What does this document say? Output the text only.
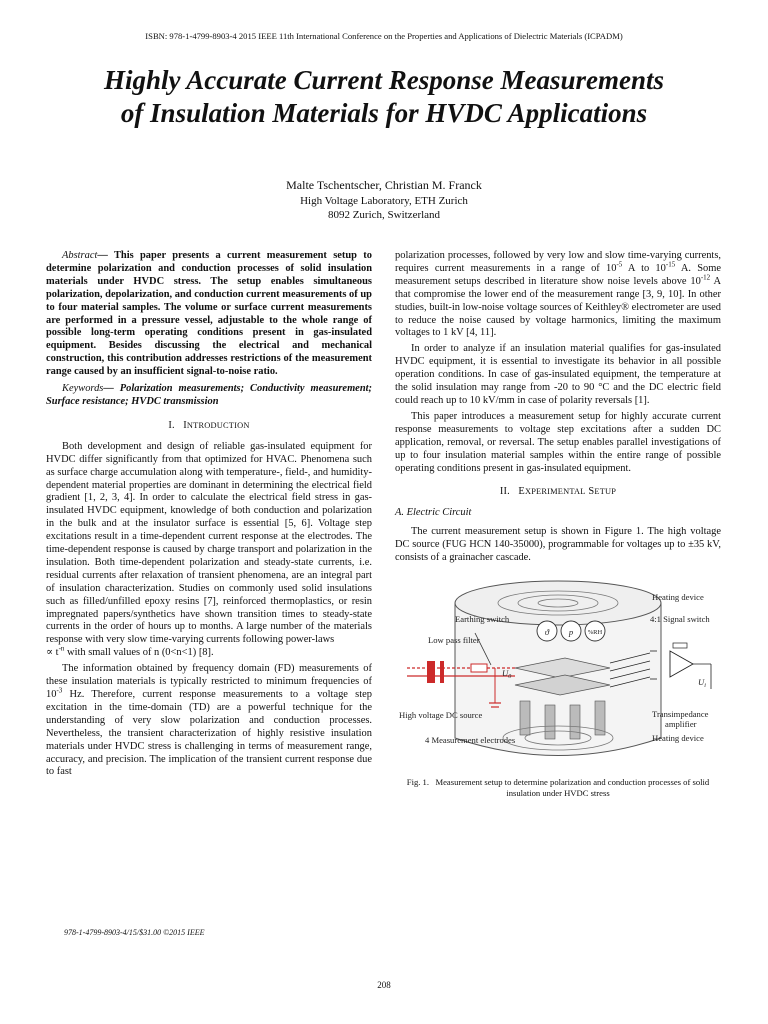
ISBN: 978-1-4799-8903-4 2015 IEEE 11th International Conference on the Properties and Applications of Dielectric Materials (ICPADM)
Highly Accurate Current Response Measurements
of Insulation Materials for HVDC Applications
Malte Tschentscher, Christian M. Franck
High Voltage Laboratory, ETH Zurich
8092 Zurich, Switzerland

Abstract— This paper presents a current measurement setup to determine polarization and conduction processes of solid insulation materials under HVDC stress. The setup enables simultaneous polarization, depolarization, and conduction current measurements of up to four material samples. The volume or surface current measurements are performed in a pressure vessel, adjustable to the whole range of possible long-term operating conditions present in gas-insulated equipment. Besides discussing the electrical and mechanical construction, this contribution addresses restrictions of the measurement range caused by an insufficient signal-to-noise ratio.

Keywords— Polarization measurements; Conductivity measurement; Surface resistance; HVDC transmission

I. INTRODUCTION

Both development and design of reliable gas-insulated equipment for HVDC differ significantly from that optimized for HVAC. Phenomena such as surface charge accumulation along with temperature-, field-, and humidity-dependent material properties are dominant in determining the electrical field gradient [1, 2, 3, 4]. In order to calculate the electrical field stress in gas-insulated HVDC equipment, knowledge of both conduction and polarization in the bulk and at the insulator surface is essential [5, 6]. Voltage step excitations result in a time-dependent current response at the electrodes. The time-dependent response is caused by charge transport and polarization in the insulation. Both time-dependent polarization and steady-state currents, i.e. residual currents after relaxation of transient phenomena, are an integral part of insulation characterization. Studies on commonly used solid insulations such as filled/unfilled epoxy resins [7], reinforced thermoplastics, or resin impregnated papers/synthetics have shown transition times to steady-state currents in the order of hours up to months. A large number of the materials response with very slow time-varying currents following power-laws
∝ $t^{-n}$ with small values of n (0<n<1) [8].

The information obtained by frequency domain (FD) measurements of these insulation materials is typically restricted to minimum frequencies of $10^{-3}$ Hz. Therefore, current response measurements to a voltage step excitation in the time-domain (TD) are a powerful technique for the understanding of very slow polarization and conduction processes. Nevertheless, the transient characterization of highly resistive insulation materials under HVDC stress is challenging in terms of measurement range, accuracy, and precision. The implication of the transient current response due to fast

polarization processes, followed by very low and slow time-varying currents, requires current measurements in a range of $10^{-5}$ A to $10^{-15}$ A. Some measurement setups described in literature show noise levels above $10^{-12}$ A that compromise the lower end of the measurement range [3, 9, 10]. In other studies, built-in low-noise voltage sources of Keithley® electrometer are used to reduce the noise caused by voltage harmonics, limiting the maximum voltages to 1 kV [4, 11].

In order to analyze if an insulation material qualifies for gas-insulated HVDC equipment, it is essential to investigate its behavior in all possible operation conditions. In case of gas-insulated equipment, the temperature at the solid insulation may range from -20 to 90 °C and the DC electric field could reach up to 10 kV/mm in case of polarity reversals [1].

This paper introduces a measurement setup for highly accurate current response measurements to voltage step excitations after a sudden DC application, removal, or reversal. The setup enables parallel investigations of up to four insulation material samples within the entire range of possible operating conditions present in gas-insulated equipment.

II. EXPERIMENTAL SETUP

A. Electric Circuit

The current measurement setup is shown in Figure 1. The high voltage DC source (FUG HCN 140-35000), programmable for voltages up to ±35 kV, consists of a grainacher cascade.

ϑ p %RH
$U_0$	$U_i$
Heating device
Earthing switch	4:1 Signal switch
Low pass filter
High voltage DC source	Transimpedance
amplifier
4 Measurement electrodes	Heating device

Fig. 1. Measurement setup to determine polarization and conduction processes of solid insulation under HVDC stress

978-1-4799-8903-4/15/$31.00 ©2015 IEEE
208
